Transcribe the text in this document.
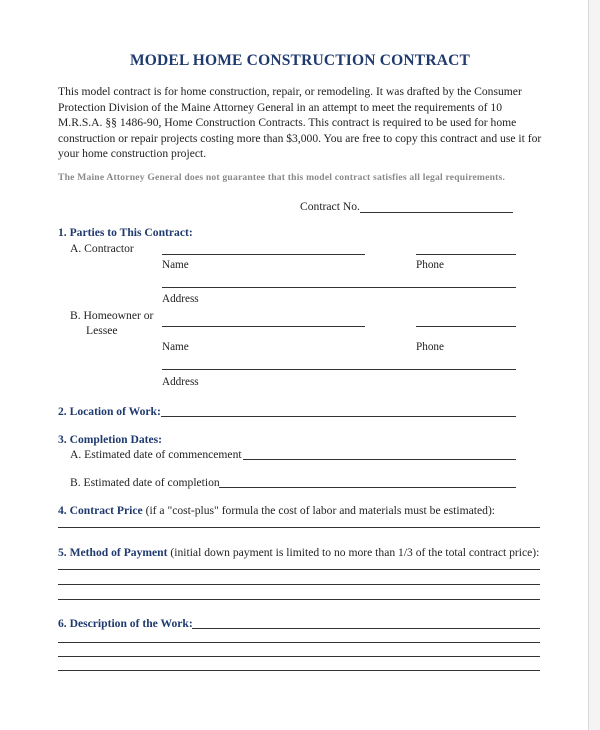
MODEL HOME CONSTRUCTION CONTRACT
This model contract is for home construction, repair, or remodeling. It was drafted by the Consumer Protection Division of the Maine Attorney General in an attempt to meet the requirements of 10 M.R.S.A. §§ 1486-90, Home Construction Contracts. This contract is required to be used for home construction or repair projects costing more than $3,000. You are free to copy this contract and use it for your home construction project.
The Maine Attorney General does not guarantee that this model contract satisfies all legal requirements.
Contract No.
1. Parties to This Contract:
A. Contractor
Name	Phone
Address
B. Homeowner or
Lessee
Name	Phone
Address
2. Location of Work:
3. Completion Dates:
A. Estimated date of commencement
B. Estimated date of completion
4. Contract Price (if a "cost-plus" formula the cost of labor and materials must be estimated):
5. Method of Payment (initial down payment is limited to no more than 1/3 of the total contract price):
6. Description of the Work:
